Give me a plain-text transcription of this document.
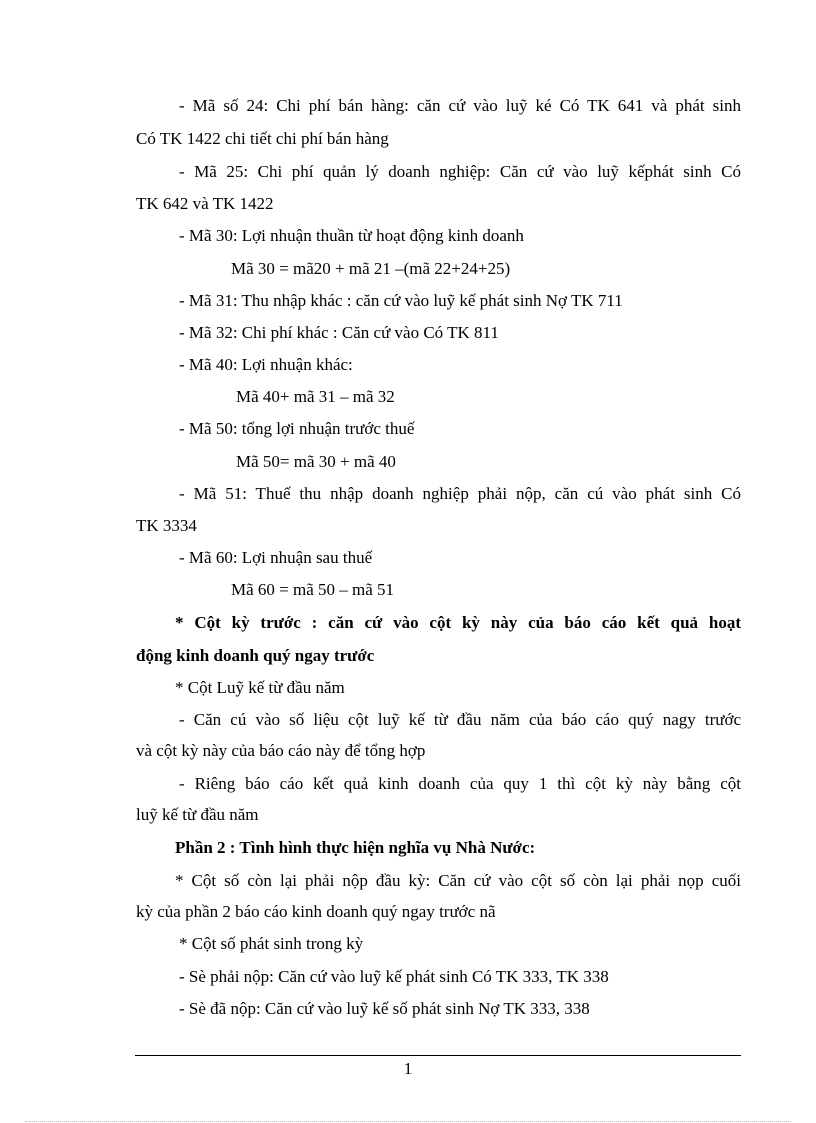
- Mã số 24: Chi phí bán hàng: căn cứ vào luỹ ké Có TK 641 và phát sinh
Có TK 1422 chi tiết chi phí bán hàng
- Mã 25: Chi phí quản lý doanh nghiệp: Căn cứ vào luỹ kếphát sinh Có
TK 642 và TK 1422
- Mã 30: Lợi nhuận thuần từ hoạt động kinh doanh
Mã 30 = mã20 + mã 21 –(mã 22+24+25)
- Mã 31: Thu nhập khác : căn cứ vào luỹ kế phát sinh Nợ TK 711
- Mã 32: Chi phí khác : Căn cứ vào Có TK 811
- Mã 40: Lợi nhuận khác:
Mã 40+ mã 31 – mã 32
- Mã 50: tổng lợi nhuận trước thuế
Mã 50= mã 30 + mã 40
- Mã 51: Thuế thu nhập doanh nghiệp phải nộp, căn cú vào phát sinh Có
TK 3334
- Mã 60: Lợi nhuận sau thuế
Mã 60 = mã 50 – mã 51
* Cột kỳ trước : căn cứ vào cột kỳ này của báo cáo kết quả hoạt
động kinh doanh quý ngay trước
* Cột Luỹ kế từ đầu năm
- Căn cú vào số liệu cột luỹ kế từ đầu năm của báo cáo quý nagy trước
và cột kỳ này của báo cáo này để tổng hợp
- Riêng báo cáo kết quả kinh doanh của quy 1 thì cột kỳ này bằng cột
luỹ kế từ đầu năm
Phần 2 : Tình hình thực hiện nghĩa vụ Nhà Nước:
* Cột số còn lại phải nộp đầu kỳ: Căn cứ vào cột số còn lại phải nọp cuối
kỳ của phần 2 báo cáo kinh doanh quý ngay trước nã
* Cột số phát sinh trong kỳ
- Sè phải nộp: Căn cứ vào luỹ kế phát sinh Có TK 333, TK 338
- Sè đã nộp: Căn cứ vào luỹ kế số phát sinh Nợ TK 333, 338
1
